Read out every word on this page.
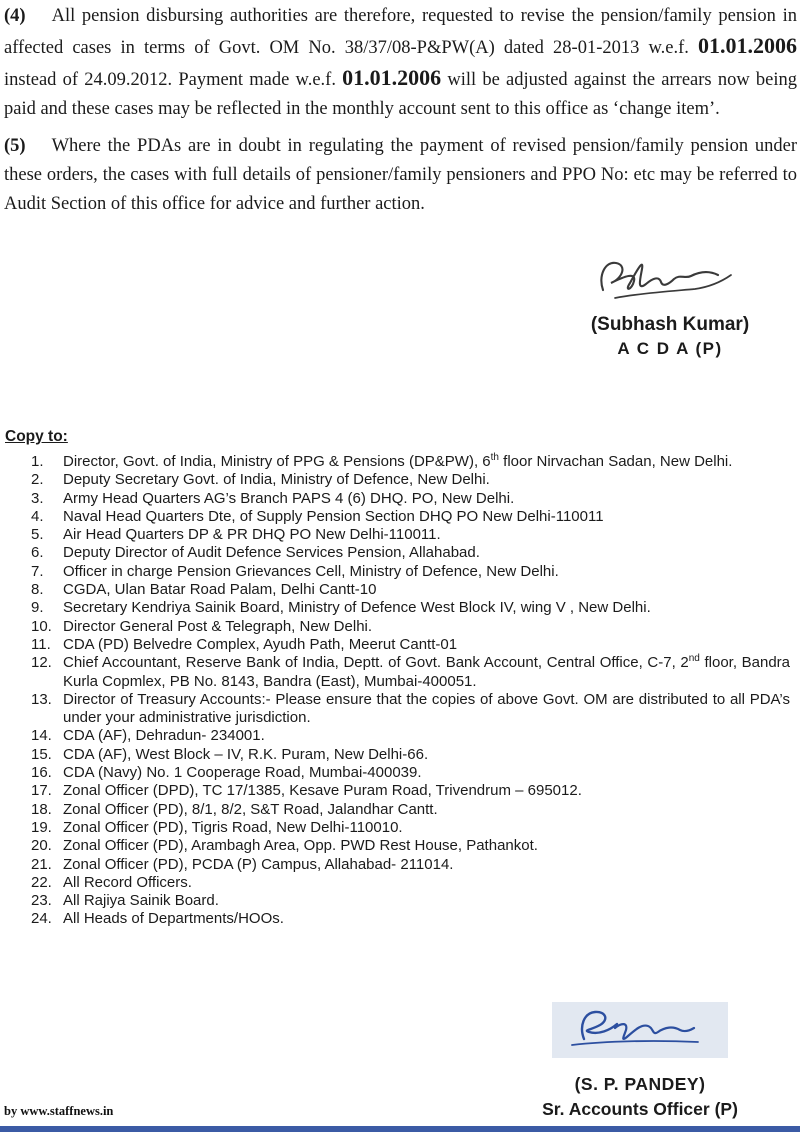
(4) All pension disbursing authorities are therefore, requested to revise the pension/family pension in affected cases in terms of Govt. OM No. 38/37/08-P&PW(A) dated 28-01-2013 w.e.f. 01.01.2006 instead of 24.09.2012. Payment made w.e.f. 01.01.2006 will be adjusted against the arrears now being paid and these cases may be reflected in the monthly account sent to this office as ‘change item’.

(5) Where the PDAs are in doubt in regulating the payment of revised pension/family pension under these orders, the cases with full details of pensioner/family pensioners and PPO No: etc may be referred to Audit Section of this office for advice and further action.

(Subhash Kumar)
A C D A (P)
Copy to:
1.	Director, Govt. of India, Ministry of PPG & Pensions (DP&PW), 6th floor Nirvachan Sadan, New Delhi.
2.	Deputy Secretary Govt. of India, Ministry of Defence, New Delhi.
3.	Army Head Quarters AG’s Branch PAPS 4 (6) DHQ. PO, New Delhi.
4.	Naval Head Quarters Dte, of Supply Pension Section DHQ PO New Delhi-110011
5.	Air Head Quarters DP & PR DHQ PO New Delhi-110011.
6.	Deputy Director of Audit Defence Services Pension, Allahabad.
7.	Officer in charge Pension Grievances Cell, Ministry of Defence, New Delhi.
8.	CGDA, Ulan Batar Road Palam, Delhi Cantt-10
9.	Secretary Kendriya Sainik Board, Ministry of Defence West Block IV, wing V , New Delhi.
10. Director General Post & Telegraph, New Delhi.
11. CDA (PD) Belvedre Complex, Ayudh Path, Meerut Cantt-01
12. Chief Accountant, Reserve Bank of India, Deptt. of Govt. Bank Account, Central Office, C-7, 2nd floor, Bandra Kurla Copmlex, PB No. 8143, Bandra (East), Mumbai-400051.
13. Director of Treasury Accounts:- Please ensure that the copies of above Govt. OM are distributed to all PDA’s under your administrative jurisdiction.
14. CDA (AF), Dehradun- 234001.
15. CDA (AF), West Block – IV, R.K. Puram, New Delhi-66.
16. CDA (Navy) No. 1 Cooperage Road, Mumbai-400039.
17. Zonal Officer (DPD), TC 17/1385, Kesave Puram Road, Trivendrum – 695012.
18. Zonal Officer (PD), 8/1, 8/2, S&T Road, Jalandhar Cantt.
19. Zonal Officer (PD), Tigris Road, New Delhi-110010.
20. Zonal Officer (PD), Arambagh Area, Opp. PWD Rest House, Pathankot.
21. Zonal Officer (PD), PCDA (P) Campus, Allahabad- 211014.
22. All Record Officers.
23. All Rajiya Sainik Board.
24. All Heads of Departments/HOOs.
(S. P. PANDEY)
Sr. Accounts Officer (P)
by www.staffnews.in
